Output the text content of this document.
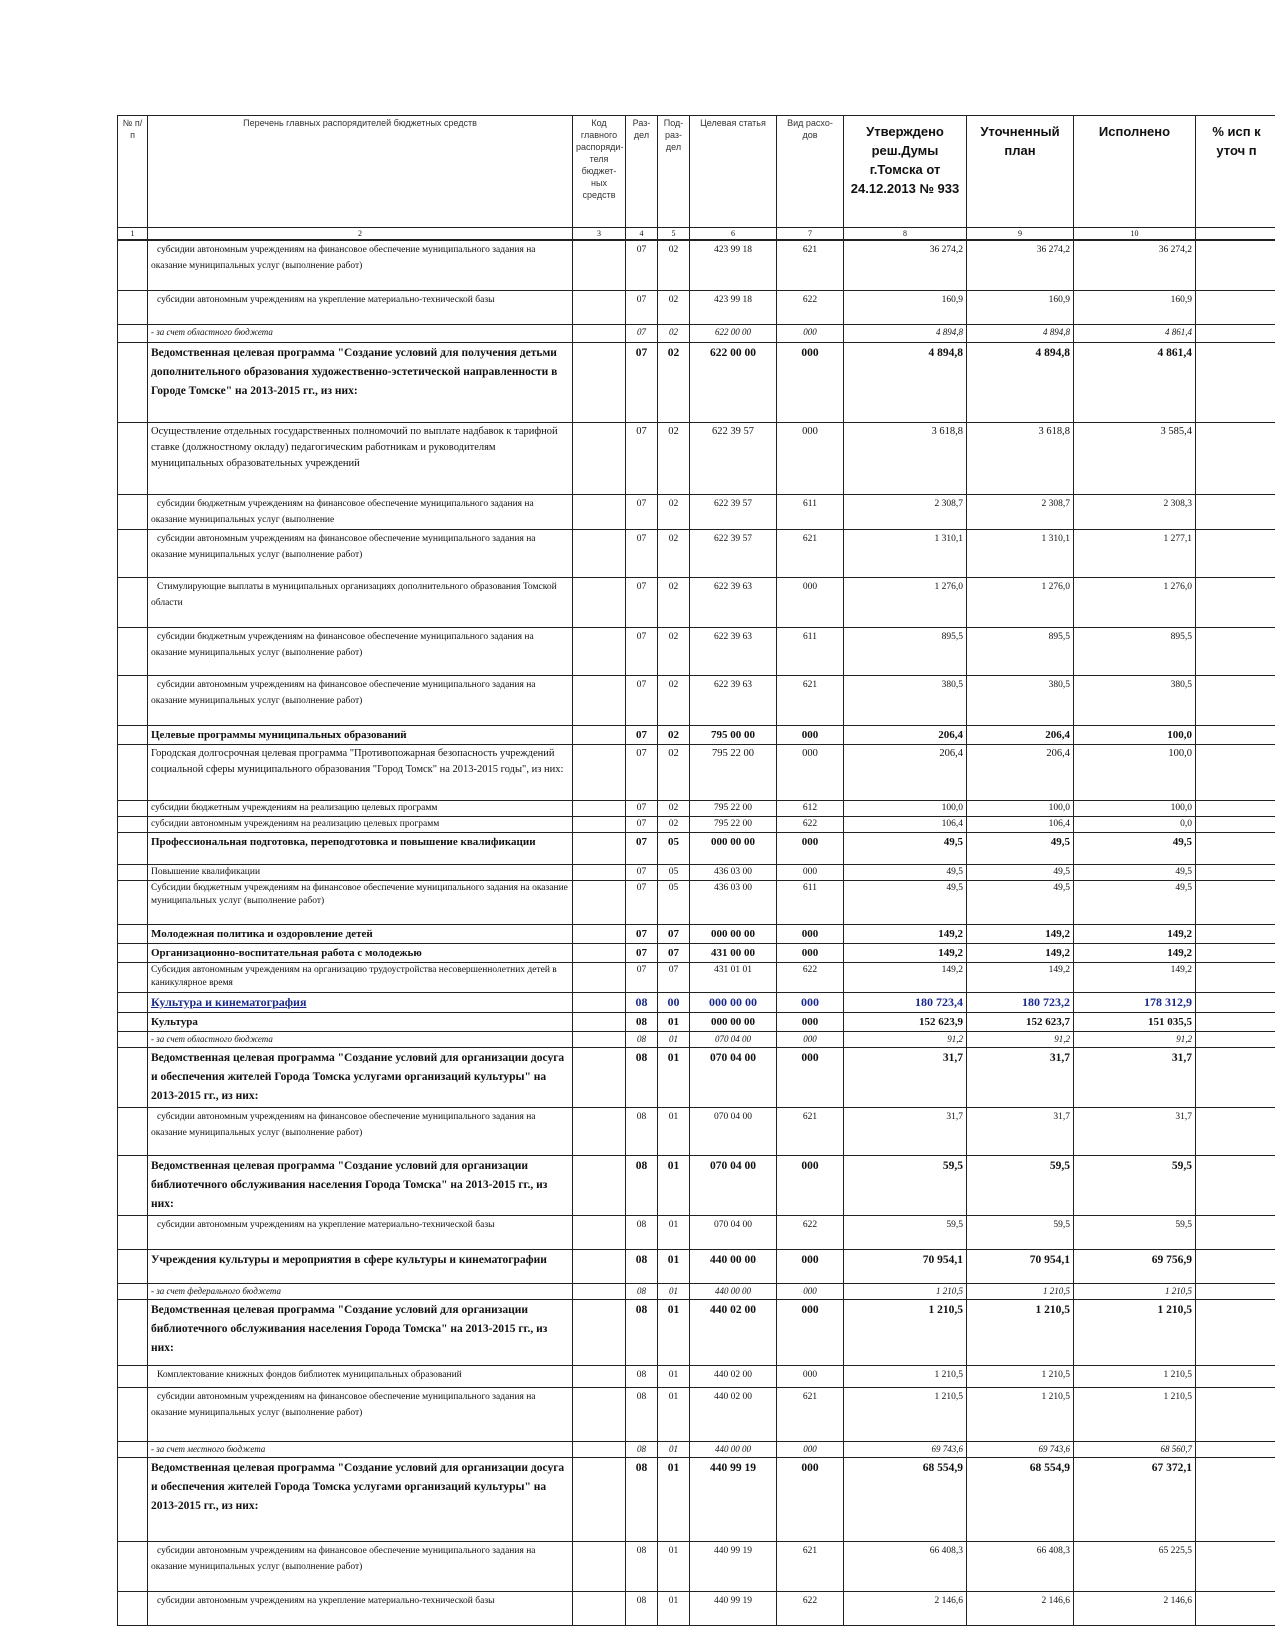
№ п/п	Перечень главных распорядителей бюджетных средств	Код главного распоряди-теля бюджет-ных средств	Раз-дел	Под-раз-дел	Целевая статья	Вид расхо-дов	Утверждено реш.Думы г.Томска от 24.12.2013 № 933	Уточненный план	Исполнено	% исп к уточ п
1	2	3	4	5	6	7	8	9	10	
	субсидии автономным учреждениям на финансовое обеспечение муниципального задания на оказание муниципальных услуг (выполнение работ)		07	02	423 99 18	621	36 274,2	36 274,2	36 274,2	
	субсидии автономным учреждениям на укрепление материально-технической базы		07	02	423 99 18	622	160,9	160,9	160,9	
	- за счет областного бюджета		07	02	622 00 00	000	4 894,8	4 894,8	4 861,4	
	Ведомственная целевая программа "Создание условий для получения детьми дополнительного образования художественно-эстетической направленности в Городе Томске" на 2013-2015 гг., из них:		07	02	622 00 00	000	4 894,8	4 894,8	4 861,4	
	Осуществление отдельных государственных полномочий по выплате надбавок к тарифной ставке (должностному окладу) педагогическим работникам и руководителям муниципальных образовательных учреждений		07	02	622 39 57	000	3 618,8	3 618,8	3 585,4	
	субсидии бюджетным учреждениям на финансовое обеспечение муниципального задания на оказание муниципальных услуг (выполнение		07	02	622 39 57	611	2 308,7	2 308,7	2 308,3	
	субсидии автономным учреждениям на финансовое обеспечение муниципального задания на оказание муниципальных услуг (выполнение работ)		07	02	622 39 57	621	1 310,1	1 310,1	1 277,1	
	Стимулирующие выплаты в муниципальных организациях дополнительного образования Томской области		07	02	622 39 63	000	1 276,0	1 276,0	1 276,0	
	субсидии бюджетным учреждениям на финансовое обеспечение муниципального задания на оказание муниципальных услуг (выполнение работ)		07	02	622 39 63	611	895,5	895,5	895,5	
	субсидии автономным учреждениям на финансовое обеспечение муниципального задания на оказание муниципальных услуг (выполнение работ)		07	02	622 39 63	621	380,5	380,5	380,5	
	Целевые программы муниципальных образований		07	02	795 00 00	000	206,4	206,4	100,0	
	Городская долгосрочная целевая программа "Противопожарная безопасность учреждений социальной сферы муниципального образования "Город Томск" на 2013-2015 годы", из них:		07	02	795 22 00	000	206,4	206,4	100,0	
	субсидии бюджетным учреждениям на реализацию целевых программ		07	02	795 22 00	612	100,0	100,0	100,0	
	субсидии автономным учреждениям на реализацию целевых программ		07	02	795 22 00	622	106,4	106,4	0,0	
	Профессиональная подготовка, переподготовка и повышение квалификации		07	05	000 00 00	000	49,5	49,5	49,5	
	Повышение квалификации		07	05	436 03 00	000	49,5	49,5	49,5	
	Субсидии бюджетным учреждениям на финансовое обеспечение муниципального задания на оказание муниципальных услуг (выполнение работ)		07	05	436 03 00	611	49,5	49,5	49,5	
	Молодежная политика и оздоровление детей		07	07	000 00 00	000	149,2	149,2	149,2	
	Организационно-воспитательная работа с молодежью		07	07	431 00 00	000	149,2	149,2	149,2	
	Субсидия автономным учреждениям на организацию трудоустройства несовершеннолетних детей в каникулярное время		07	07	431 01 01	622	149,2	149,2	149,2	
	Культура и кинематография		08	00	000 00 00	000	180 723,4	180 723,2	178 312,9	
	Культура		08	01	000 00 00	000	152 623,9	152 623,7	151 035,5	
	- за счет областного бюджета		08	01	070 04 00	000	91,2	91,2	91,2	
	Ведомственная целевая программа "Создание условий для организации досуга и обеспечения жителей Города Томска услугами организаций культуры" на 2013-2015 гг., из них:		08	01	070 04 00	000	31,7	31,7	31,7	
	субсидии автономным учреждениям на финансовое обеспечение муниципального задания на оказание муниципальных услуг (выполнение работ)		08	01	070 04 00	621	31,7	31,7	31,7	
	Ведомственная целевая программа "Создание условий для организации библиотечного обслуживания населения Города Томска" на 2013-2015 гг., из них:		08	01	070 04 00	000	59,5	59,5	59,5	
	субсидии автономным учреждениям на укрепление материально-технической базы		08	01	070 04 00	622	59,5	59,5	59,5	
	Учреждения культуры и мероприятия в сфере культуры и кинематографии		08	01	440 00 00	000	70 954,1	70 954,1	69 756,9	
	- за счет федерального бюджета		08	01	440 00 00	000	1 210,5	1 210,5	1 210,5	
	Ведомственная целевая программа "Создание условий для организации библиотечного обслуживания населения Города Томска" на 2013-2015 гг., из них:		08	01	440 02 00	000	1 210,5	1 210,5	1 210,5	
	Комплектование книжных фондов библиотек муниципальных образований		08	01	440 02 00	000	1 210,5	1 210,5	1 210,5	
	субсидии автономным учреждениям на финансовое обеспечение муниципального задания на оказание муниципальных услуг (выполнение работ)		08	01	440 02 00	621	1 210,5	1 210,5	1 210,5	
	- за счет местного бюджета		08	01	440 00 00	000	69 743,6	69 743,6	68 560,7	
	Ведомственная целевая программа "Создание условий для организации досуга и обеспечения жителей Города Томска услугами организаций культуры" на 2013-2015 гг., из них:		08	01	440 99 19	000	68 554,9	68 554,9	67 372,1	
	субсидии автономным учреждениям на финансовое обеспечение муниципального задания на оказание муниципальных услуг (выполнение работ)		08	01	440 99 19	621	66 408,3	66 408,3	65 225,5	
	субсидии автономным учреждениям на укрепление материально-технической базы		08	01	440 99 19	622	2 146,6	2 146,6	2 146,6	
